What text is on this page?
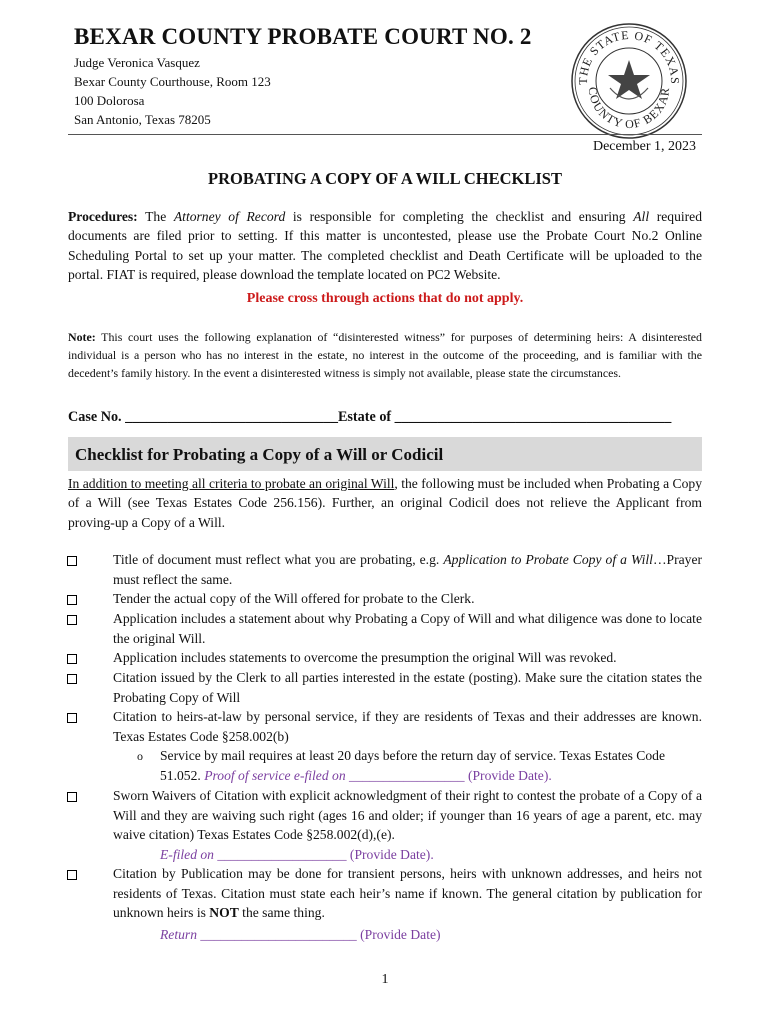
BEXAR COUNTY PROBATE COURT NO. 2
Judge Veronica Vasquez
Bexar County Courthouse, Room 123
100 Dolorosa
San Antonio, Texas 78205
THE STATE OF TEXAS
COUNTY OF BEXAR
December 1, 2023
PROBATING A COPY OF A WILL CHECKLIST
Procedures: The Attorney of Record is responsible for completing the checklist and ensuring All required documents are filed prior to setting. If this matter is uncontested, please use the Probate Court No.2 Online Scheduling Portal to set up your matter. The completed checklist and Death Certificate will be uploaded to the portal. FIAT is required, please download the template located on PC2 Website.
Please cross through actions that do not apply.
Note: This court uses the following explanation of “disinterested witness” for purposes of determining heirs: A disinterested individual is a person who has no interest in the estate, no interest in the outcome of the proceeding, and is familiar with the decedent’s family history. In the event a disinterested witness is simply not available, please state the circumstances.
Case No. ______________________________Estate of _______________________________________
Checklist for Probating a Copy of a Will or Codicil
In addition to meeting all criteria to probate an original Will, the following must be included when Probating a Copy of a Will (see Texas Estates Code 256.156). Further, an original Codicil does not relieve the Applicant from proving-up a Copy of a Will.
Title of document must reflect what you are probating, e.g. Application to Probate Copy of a Will…Prayer must reflect the same.
Tender the actual copy of the Will offered for probate to the Clerk.
Application includes a statement about why Probating a Copy of Will and what diligence was done to locate the original Will.
Application includes statements to overcome the presumption the original Will was revoked.
Citation issued by the Clerk to all parties interested in the estate (posting). Make sure the citation states the Probating Copy of Will
Citation to heirs-at-law by personal service, if they are residents of Texas and their addresses are known. Texas Estates Code §258.002(b)
o Service by mail requires at least 20 days before the return day of service. Texas Estates Code 51.052. Proof of service e-filed on _________________ (Provide Date).
Sworn Waivers of Citation with explicit acknowledgment of their right to contest the probate of a Copy of a Will and they are waiving such right (ages 16 and older; if younger than 16 years of age a parent, etc. may waive citation) Texas Estates Code §258.002(d),(e).
E-filed on ___________________ (Provide Date).
Citation by Publication may be done for transient persons, heirs with unknown addresses, and heirs not residents of Texas. Citation must state each heir’s name if known. The general citation by publication for unknown heirs is NOT the same thing.
Return _______________________ (Provide Date)
1
